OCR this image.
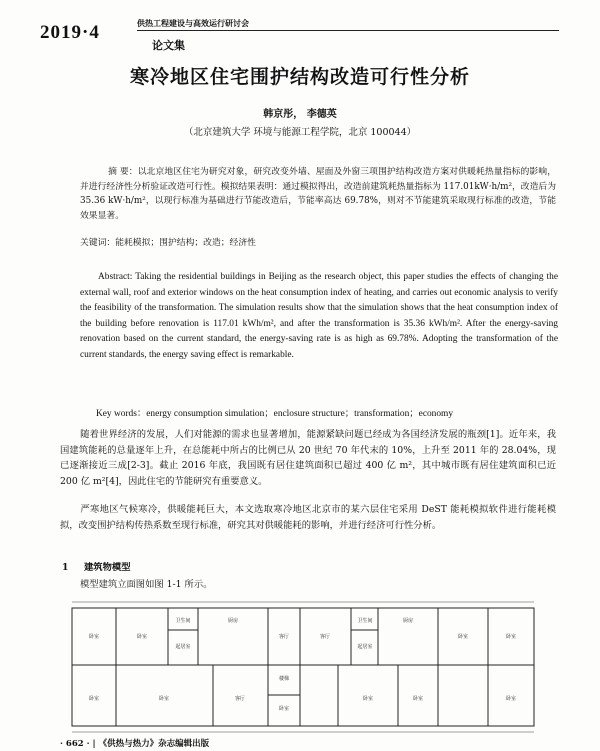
2019·4	供热工程建设与高效运行研讨会
论文集
寒冷地区住宅围护结构改造可行性分析
韩京彤， 李德英
（北京建筑大学 环境与能源工程学院，北京 100044）
摘 要：以北京地区住宅为研究对象，研究改变外墙、屋面及外窗三项围护结构改造方案对供暖耗热量指标的影响，并进行经济性分析验证改造可行性。模拟结果表明：通过模拟得出，改造前建筑耗热量指标为 117.01kW·h/m²，改造后为 35.36 kW·h/m²，以现行标准为基础进行节能改造后，节能率高达 69.78%，则对不节能建筑采取现行标准的改造，节能效果显著。
关键词：能耗模拟；围护结构；改造；经济性
Abstract: Taking the residential buildings in Beijing as the research object, this paper studies the effects of changing the external wall, roof and exterior windows on the heat consumption index of heating, and carries out economic analysis to verify the feasibility of the transformation. The simulation results show that the simulation shows that the heat consumption index of the building before renovation is 117.01 kWh/m², and after the transformation is 35.36 kWh/m². After the energy-saving renovation based on the current standard, the energy-saving rate is as high as 69.78%. Adopting the transformation of the current standards, the energy saving effect is remarkable.
Key words：energy consumption simulation；enclosure structure；transformation；economy
随着世界经济的发展，人们对能源的需求也显著增加，能源紧缺问题已经成为各国经济发展的瓶颈[1]。近年来，我国建筑能耗的总量逐年上升，在总能耗中所占的比例已从 20 世纪 70 年代末的 10%，上升至 2011 年的 28.04%，现已逐渐接近三成[2-3]。截止 2016 年底，我国既有居住建筑面积已超过 400 亿 m²，其中城市既有居住建筑面积已近 200 亿 m²[4]，因此住宅的节能研究有重要意义。
严寒地区气候寒冷，供暖能耗巨大，本文选取寒冷地区北京市的某六层住宅采用 DeST 能耗模拟软件进行能耗模拟，改变围护结构传热系数至现行标准，研究其对供暖能耗的影响，并进行经济可行性分析。
1 建筑物模型
模型建筑立面图如图 1-1 所示。
卧室
卫生间	厨房
卧室
卫生间	厨房
卧室	卧室
起居室
客厅
起居室
客厅
卧室	卧室
楼梯
客厅
卧室
卧室	卧室	卧室
· 662 · | 《供热与热力》杂志编辑出版
